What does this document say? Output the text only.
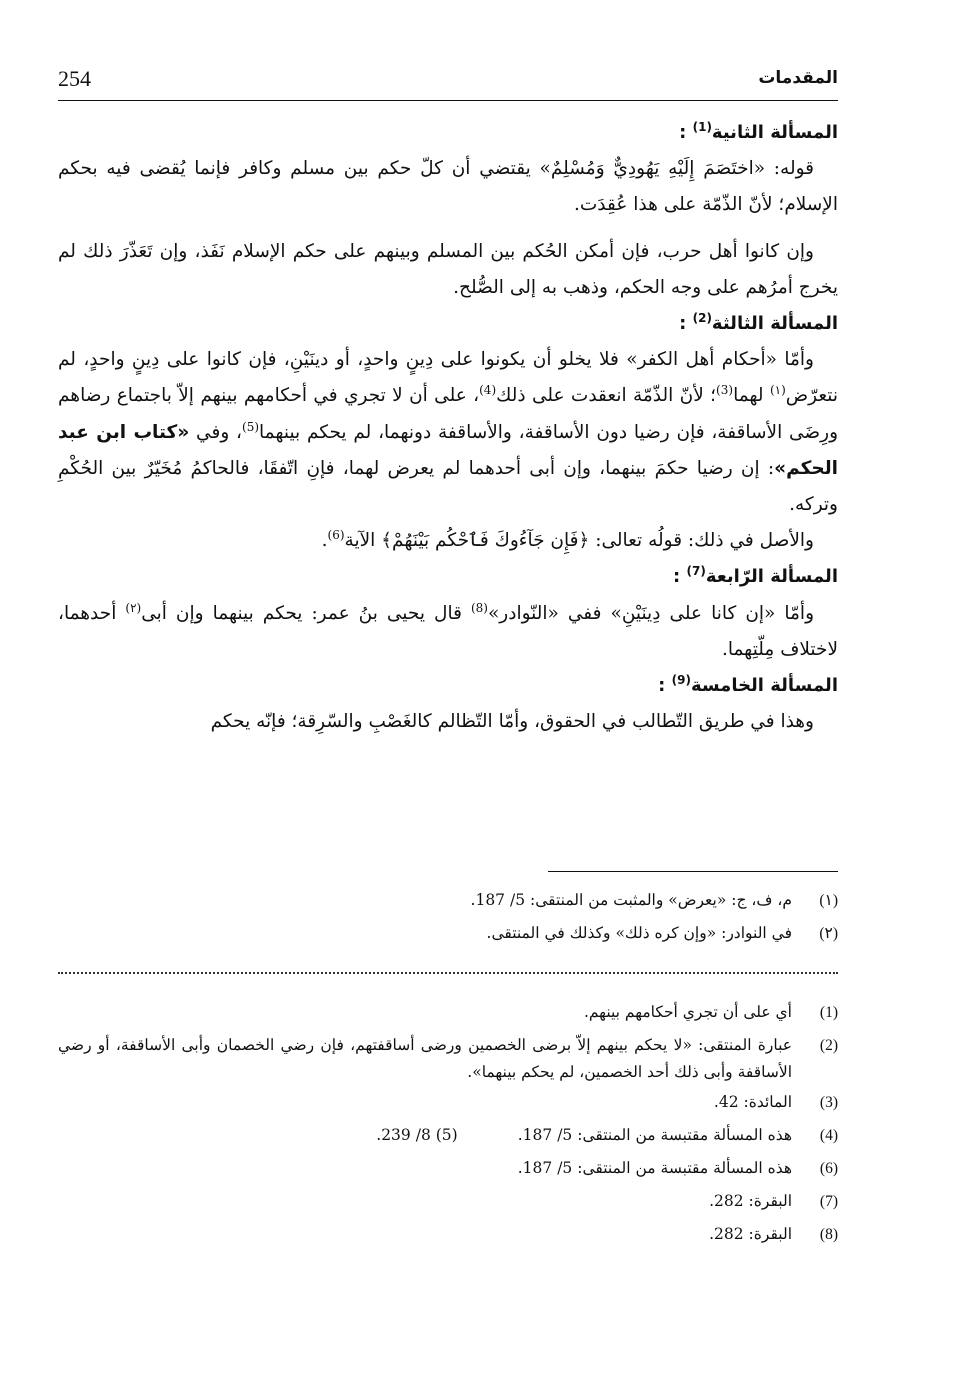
254	المقدمات

المسألة الثانية$^{(1)}$ :

قوله: «اختَصَمَ إِلَيْهِ يَهُودِيٌّ وَمُسْلِمٌ» يقتضي أن كلّ حكم بين مسلم وكافر فإنما يُقضى فيه بحكم الإسلام؛ لأنّ الذّمّة على هذا عُقِدَت.

وإن كانوا أهل حرب، فإن أمكن الحُكم بين المسلم وبينهم على حكم الإسلام نَفَذ، وإن تَعَذّرَ ذلك لم يخرج أمرُهم على وجه الحكم، وذهب به إلى الصُّلح.

المسألة الثالثة$^{(2)}$ :

وأمّا «أحكام أهل الكفر» فلا يخلو أن يكونوا على دِينٍ واحدٍ، أو دينَيْنِ، فإن كانوا على دِينٍ واحدٍ، لم نتعرّض$^{(١)}$ لهما$^{(3)}$؛ لأنّ الذّمّة انعقدت على ذلك$^{(4)}$، على أن لا تجري في أحكامهم بينهم إلاّ باجتماع رضاهم ورِضَى الأساقفة، فإن رضيا دون الأساقفة، والأساقفة دونهما، لم يحكم بينهما$^{(5)}$، وفي «كتاب ابن عبد الحكم»: إن رضيا حكمَ بينهما، وإن أبى أحدهما لم يعرض لهما، فإنِ اتّفقَا، فالحاكمُ مُخَيّرٌ بين الحُكْمِ وتركه.

والأصل في ذلك: قولُه تعالى: ﴿فَإِن جَآءُوكَ فَٱحْكُم بَيْنَهُمْ﴾ الآية$^{(6)}$.

المسألة الرّابعة$^{(7)}$ :

وأمّا «إن كانا على دِينَيْنِ» ففي «النّوادر»$^{(8)}$ قال يحيى بنُ عمر: يحكم بينهما وإن أبى$^{(٢)}$ أحدهما، لاختلاف مِلّتِهما.

المسألة الخامسة$^{(9)}$ :

وهذا في طريق التّطالب في الحقوق، وأمّا التّظالم كالغَصْبِ والسّرِقة؛ فإنّه يحكم

(١)
م، ف، ج: «يعرض» والمثبت من المنتقى: 5/ 187.
(٢)
في النوادر: «وإن كره ذلك» وكذلك في المنتقى.
(1)
أي على أن تجري أحكامهم بينهم.
(2)
عبارة المنتقى: «لا يحكم بينهم إلاّ برضى الخصمين ورضى أساقفتهم، فإن رضي الخصمان وأبى الأساقفة، أو رضي الأساقفة وأبى ذلك أحد الخصمين، لم يحكم بينهما».
(3)
المائدة: 42.
(4)
هذه المسألة مقتبسة من المنتقى: 5/ 187.(5) 8/ 239.
(6)
هذه المسألة مقتبسة من المنتقى: 5/ 187.
(7)
البقرة: 282.
(8)
البقرة: 282.
